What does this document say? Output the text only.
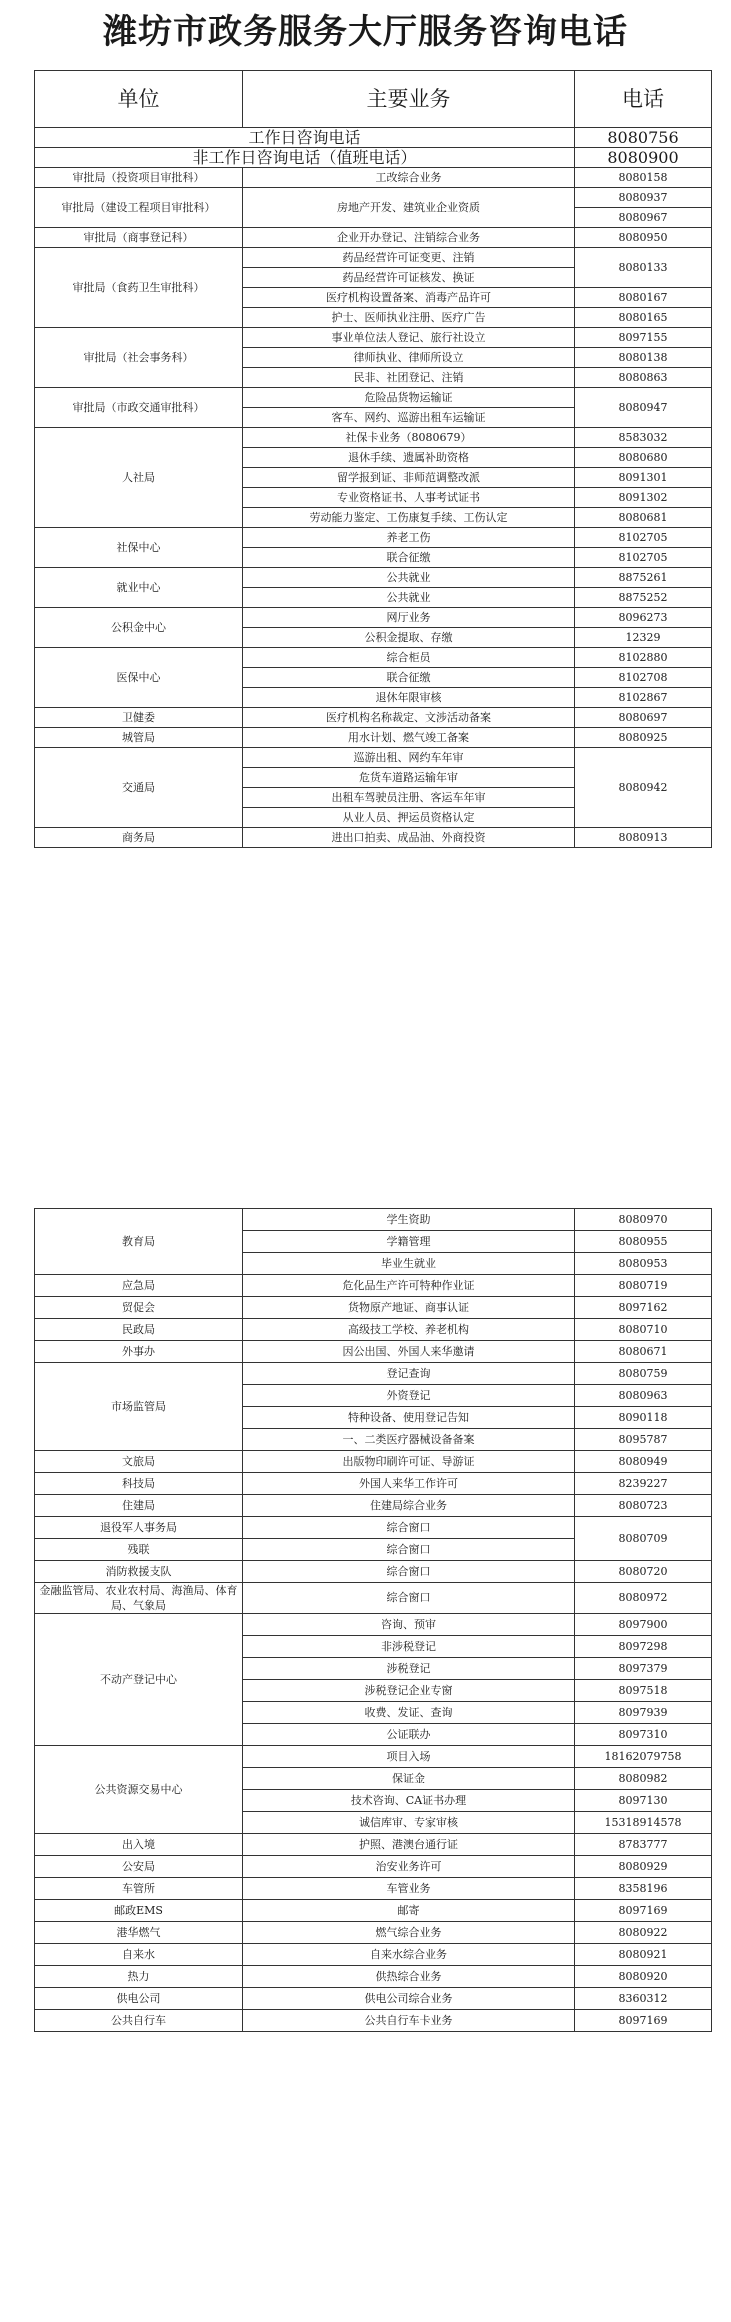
潍坊市政务服务大厅服务咨询电话
单位	主要业务	电话
工作日咨询电话		8080756
非工作日咨询电话（值班电话）		8080900
审批局（投资项目审批科）	工改综合业务	8080158
审批局（建设工程项目审批科）	房地产开发、建筑业企业资质	8080937
		8080967
审批局（商事登记科）	企业开办登记、注销综合业务	8080950
审批局（食药卫生审批科）	药品经营许可证变更、注销	8080133
	药品经营许可证核发、换证	
	医疗机构设置备案、消毒产品许可	8080167
	护士、医师执业注册、医疗广告	8080165
审批局（社会事务科）	事业单位法人登记、旅行社设立	8097155
	律师执业、律师所设立	8080138
	民非、社团登记、注销	8080863
审批局（市政交通审批科）	危险品货物运输证	8080947
	客车、网约、巡游出租车运输证	
人社局	社保卡业务（8080679）	8583032
	退休手续、遗属补助资格	8080680
	留学报到证、非师范调整改派	8091301
	专业资格证书、人事考试证书	8091302
	劳动能力鉴定、工伤康复手续、工伤认定	8080681
社保中心	养老工伤	8102705
	联合征缴	8102705
就业中心	公共就业	8875261
	公共就业	8875252
公积金中心	网厅业务	8096273
	公积金提取、存缴	12329
医保中心	综合柜员	8102880
	联合征缴	8102708
	退休年限审核	8102867
卫健委	医疗机构名称裁定、文涉活动备案	8080697
城管局	用水计划、燃气竣工备案	8080925
交通局	巡游出租、网约车年审	8080942
	危货车道路运输年审	
	出租车驾驶员注册、客运车年审	
	从业人员、押运员资格认定	
商务局	进出口拍卖、成品油、外商投资	8080913
教育局	学生资助	8080970
	学籍管理	8080955
	毕业生就业	8080953
应急局	危化品生产许可特种作业证	8080719
贸促会	货物原产地证、商事认证	8097162
民政局	高级技工学校、养老机构	8080710
外事办	因公出国、外国人来华邀请	8080671
市场监管局	登记查询	8080759
	外资登记	8080963
	特种设备、使用登记告知	8090118
	一、二类医疗器械设备备案	8095787
文旅局	出版物印刷许可证、导游证	8080949
科技局	外国人来华工作许可	8239227
住建局	住建局综合业务	8080723
退役军人事务局	综合窗口	8080709
残联	综合窗口	
消防救援支队	综合窗口	8080720
金融监管局、农业农村局、海渔局、体育局、气象局	综合窗口	8080972
不动产登记中心	咨询、预审	8097900
	非涉税登记	8097298
	涉税登记	8097379
	涉税登记企业专窗	8097518
	收费、发证、查询	8097939
	公证联办	8097310
公共资源交易中心	项目入场	18162079758
	保证金	8080982
	技术咨询、CA证书办理	8097130
	诚信库审、专家审核	15318914578
出入境	护照、港澳台通行证	8783777
公安局	治安业务许可	8080929
车管所	车管业务	8358196
邮政EMS	邮寄	8097169
港华燃气	燃气综合业务	8080922
自来水	自来水综合业务	8080921
热力	供热综合业务	8080920
供电公司	供电公司综合业务	8360312
公共自行车	公共自行车卡业务	8097169
